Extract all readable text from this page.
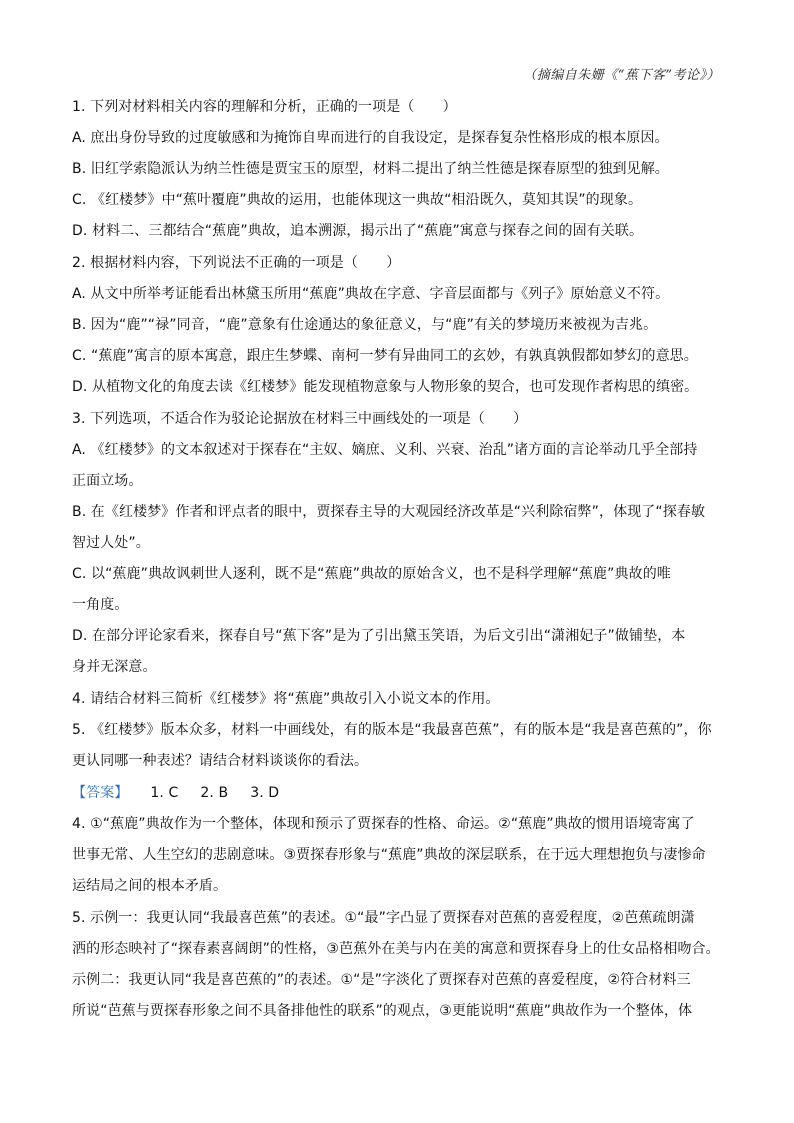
（摘编自朱姗《“蕉下客”考论》）
1. 下列对材料相关内容的理解和分析，正确的一项是（　　）
A. 庶出身份导致的过度敏感和为掩饰自卑而进行的自我设定，是探春复杂性格形成的根本原因。
B. 旧红学索隐派认为纳兰性德是贾宝玉的原型，材料二提出了纳兰性德是探春原型的独到见解。
C. 《红楼梦》中“蕉叶覆鹿”典故的运用，也能体现这一典故“相沿既久，莫知其误”的现象。
D. 材料二、三都结合“蕉鹿”典故，追本溯源，揭示出了“蕉鹿”寓意与探春之间的固有关联。
2. 根据材料内容，下列说法不正确的一项是（　　）
A. 从文中所举考证能看出林黛玉所用“蕉鹿”典故在字意、字音层面都与《列子》原始意义不符。
B. 因为“鹿”“禄”同音，“鹿”意象有仕途通达的象征意义，与“鹿”有关的梦境历来被视为吉兆。
C. “蕉鹿”寓言的原本寓意，跟庄生梦蝶、南柯一梦有异曲同工的玄妙，有孰真孰假都如梦幻的意思。
D. 从植物文化的角度去读《红楼梦》能发现植物意象与人物形象的契合，也可发现作者构思的缜密。
3. 下列选项，不适合作为驳论论据放在材料三中画线处的一项是（　　）
A. 《红楼梦》的文本叙述对于探春在“主奴、嫡庶、义利、兴衰、治乱”诸方面的言论举动几乎全部持
正面立场。
B. 在《红楼梦》作者和评点者的眼中，贾探春主导的大观园经济改革是“兴利除宿弊”，体现了“探春敏
智过人处”。
C. 以“蕉鹿”典故讽刺世人逐利，既不是“蕉鹿”典故的原始含义，也不是科学理解“蕉鹿”典故的唯
一角度。
D. 在部分评论家看来，探春自号“蕉下客”是为了引出黛玉笑语，为后文引出“潇湘妃子”做铺垫，本
身并无深意。
4. 请结合材料三简析《红楼梦》将“蕉鹿”典故引入小说文本的作用。
5. 《红楼梦》版本众多，材料一中画线处，有的版本是“我最喜芭蕉”，有的版本是“我是喜芭蕉的”，你
更认同哪一种表述？请结合材料谈谈你的看法。
【答案】 1. C 2. B 3. D
4. ①“蕉鹿”典故作为一个整体，体现和预示了贾探春的性格、命运。②“蕉鹿”典故的惯用语境寄寓了
世事无常、人生空幻的悲剧意味。③贾探春形象与“蕉鹿”典故的深层联系，在于远大理想抱负与凄惨命
运结局之间的根本矛盾。
5. 示例一：我更认同“我最喜芭蕉”的表述。①“最”字凸显了贾探春对芭蕉的喜爱程度，②芭蕉疏朗潇
洒的形态映衬了“探春素喜阔朗”的性格，③芭蕉外在美与内在美的寓意和贾探春身上的仕女品格相吻合。
示例二：我更认同“我是喜芭蕉的”的表述。①“是”字淡化了贾探春对芭蕉的喜爱程度，②符合材料三
所说“芭蕉与贾探春形象之间不具备排他性的联系”的观点，③更能说明“蕉鹿”典故作为一个整体，体
